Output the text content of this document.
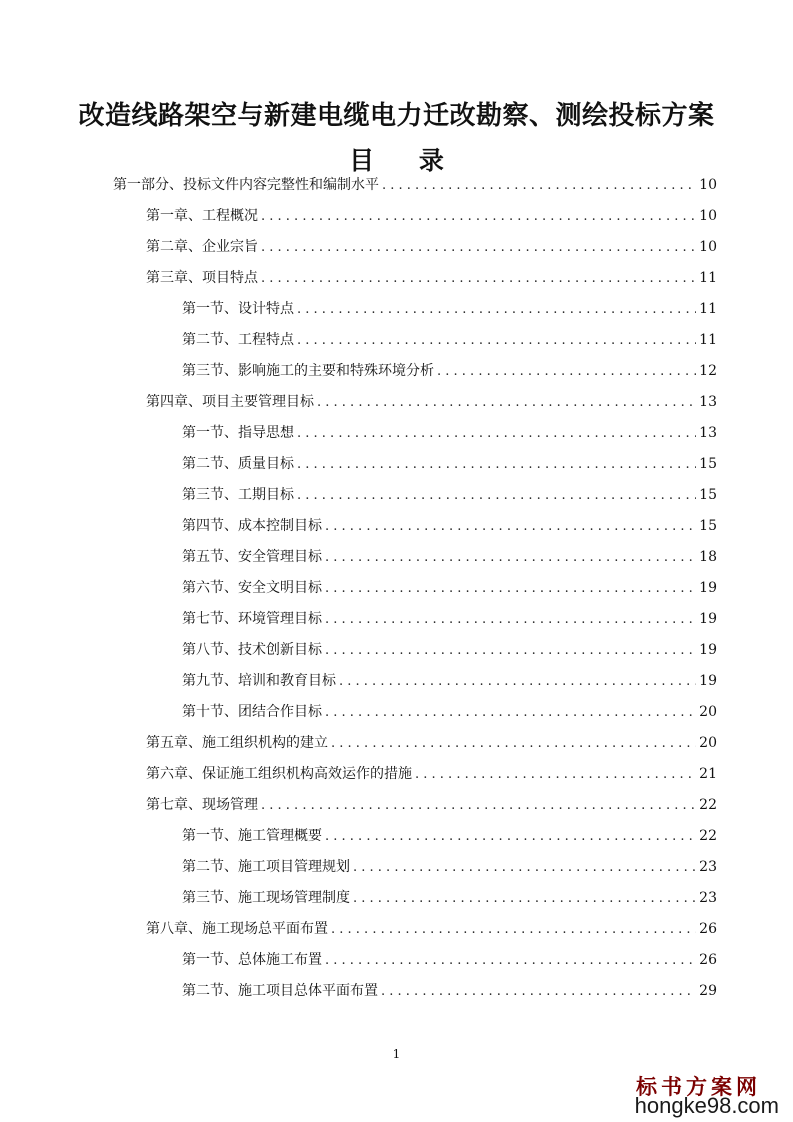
改造线路架空与新建电缆电力迁改勘察、测绘投标方案
目 录
第一部分、投标文件内容完整性和编制水平 . . .	10
第一章、工程概况 . . .	10
第二章、企业宗旨 . . .	10
第三章、项目特点 . . .	11
第一节、设计特点 . . .	11
第二节、工程特点 . . .	11
第三节、影响施工的主要和特殊环境分析 . . .	12
第四章、项目主要管理目标 . . .	13
第一节、指导思想 . . .	13
第二节、质量目标 . . .	15
第三节、工期目标 . . .	15
第四节、成本控制目标 . . .	15
第五节、安全管理目标 . . .	18
第六节、安全文明目标 . . .	19
第七节、环境管理目标 . . .	19
第八节、技术创新目标 . . .	19
第九节、培训和教育目标 . . .	19
第十节、团结合作目标 . . .	20
第五章、施工组织机构的建立 . . .	20
第六章、保证施工组织机构高效运作的措施 . . .	21
第七章、现场管理 . . .	22
第一节、施工管理概要 . . .	22
第二节、施工项目管理规划 . . .	23
第三节、施工现场管理制度 . . .	23
第八章、施工现场总平面布置 . . .	26
第一节、总体施工布置 . . .	26
第二节、施工项目总体平面布置 . . .	29
1
标书方案网
hongke98.com
